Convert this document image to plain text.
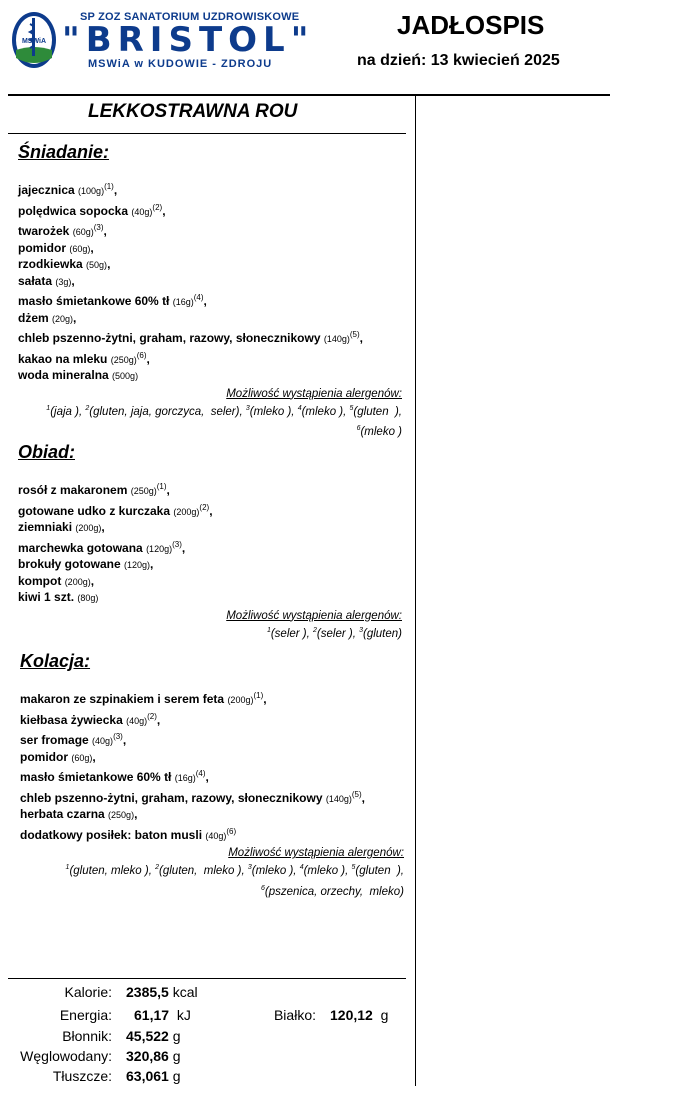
MSWiA
SP ZOZ SANATORIUM UZDROWISKOWE
"BRISTOL"
MSWiA w KUDOWIE - ZDROJU
JADŁOSPIS
na dzień: 13 kwiecień 2025
LEKKOSTRAWNA ROU
Śniadanie:
jajecznica $(100g)^{(1)}$,
polędwica sopocka $(40g)^{(2)}$,
twarożek $(60g)^{(3)}$,
pomidor (60g),
rzodkiewka (50g),
sałata (3g),
masło śmietankowe 60% tł $(16g)^{(4)}$,
dżem (20g),
chleb pszenno-żytni, graham, razowy, słonecznikowy $(140g)^{(5)}$,
kakao na mleku $(250g)^{(6)}$,
woda mineralna (500g)
Możliwość wystąpienia alergenów:
$^1$(jaja ), $^2$(gluten, jaja, gorczyca,  seler), $^3$(mleko ), $^4$(mleko ), $^5$(gluten  ),
$^6$(mleko )
Obiad:
rosół z makaronem $(250g)^{(1)}$,
gotowane udko z kurczaka $(200g)^{(2)}$,
ziemniaki (200g),
marchewka gotowana $(120g)^{(3)}$,
brokuły gotowane (120g),
kompot (200g),
kiwi 1 szt. (80g)
Możliwość wystąpienia alergenów:
$^1$(seler ), $^2$(seler ), $^3$(gluten)
Kolacja:
makaron ze szpinakiem i serem feta $(200g)^{(1)}$,
kiełbasa żywiecka $(40g)^{(2)}$,
ser fromage $(40g)^{(3)}$,
pomidor (60g),
masło śmietankowe 60% tł $(16g)^{(4)}$,
chleb pszenno-żytni, graham, razowy, słonecznikowy $(140g)^{(5)}$,
herbata czarna (250g),
dodatkowy posiłek: baton musli $(40g)^{(6)}$
Możliwość wystąpienia alergenów:
$^1$(gluten, mleko ), $^2$(gluten,  mleko ), $^3$(mleko ), $^4$(mleko ), $^5$(gluten  ),
$^6$(pszenica, orzechy,  mleko)
Kalorie: 2385,5 kcal
Energia: 61,17 kJ	Białko: 120,12 g
Błonnik: 45,522 g
Węglowodany: 320,86 g
Tłuszcze: 63,061 g
